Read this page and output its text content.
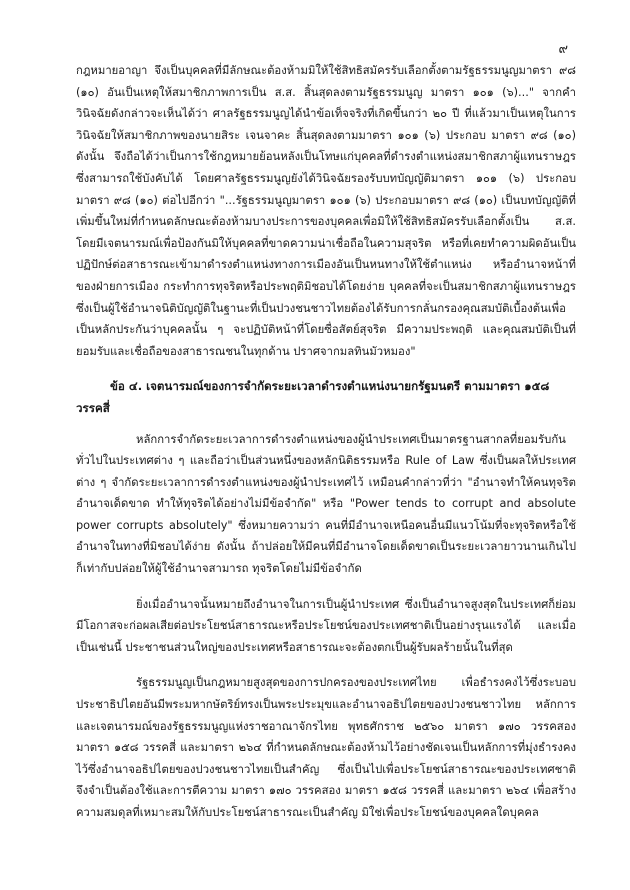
๙

กฎหมายอาญา จึงเป็นบุคคลที่มีลักษณะต้องห้ามมิให้ใช้สิทธิสมัครรับเลือกตั้งตามรัฐธรรมนูญมาตรา ๙๘ (๑๐) อันเป็นเหตุให้สมาชิกภาพการเป็น ส.ส. สิ้นสุดลงตามรัฐธรรมนูญ มาตรา ๑๐๑ (๖)..." จากคำวินิจฉัยดังกล่าวจะเห็นได้ว่า ศาลรัฐธรรมนูญได้นำข้อเท็จจริงที่เกิดขึ้นกว่า ๒๐ ปี ที่แล้วมาเป็นเหตุในการวินิจฉัยให้สมาชิกภาพของนายสิระ เจนจาคะ สิ้นสุดลงตามมาตรา ๑๐๑ (๖) ประกอบ มาตรา ๙๘ (๑๐) ดังนั้น จึงถือได้ว่าเป็นการใช้กฎหมายย้อนหลังเป็นโทษแก่บุคคลที่ดำรงตำแหน่งสมาชิกสภาผู้แทนราษฎรซึ่งสามารถใช้บังคับได้ โดยศาลรัฐธรรมนูญยังได้วินิจฉัยรองรับบทบัญญัติมาตรา ๑๐๑ (๖) ประกอบ มาตรา ๙๘ (๑๐) ต่อไปอีกว่า "...รัฐธรรมนูญมาตรา ๑๐๑ (๖) ประกอบมาตรา ๙๘ (๑๐) เป็นบทบัญญัติที่เพิ่มขึ้นใหม่ที่กำหนดลักษณะต้องห้ามบางประการของบุคคลเพื่อมิให้ใช้สิทธิสมัครรับเลือกตั้งเป็น ส.ส. โดยมีเจตนารมณ์เพื่อป้องกันมิให้บุคคลที่ขาดความน่าเชื่อถือในความสุจริต หรือที่เคยทำความผิดอันเป็นปฏิปักษ์ต่อสาธารณะเข้ามาดำรงตำแหน่งทางการเมืองอันเป็นหนทางให้ใช้ตำแหน่ง หรืออำนาจหน้าที่ของฝ่ายการเมือง กระทำการทุจริตหรือประพฤติมิชอบได้โดยง่าย บุคคลที่จะเป็นสมาชิกสภาผู้แทนราษฎรซึ่งเป็นผู้ใช้อำนาจนิติบัญญัติในฐานะที่เป็นปวงชนชาวไทยต้องได้รับการกลั่นกรองคุณสมบัติเบื้องต้นเพื่อเป็นหลักประกันว่าบุคคลนั้น ๆ จะปฏิบัติหน้าที่โดยซื่อสัตย์สุจริต มีความประพฤติ และคุณสมบัติเป็นที่ยอมรับและเชื่อถือของสาธารณชนในทุกด้าน ปราศจากมลทินมัวหมอง"

ข้อ ๔. เจตนารมณ์ของการจำกัดระยะเวลาดำรงตำแหน่งนายกรัฐมนตรี ตามมาตรา ๑๕๘ วรรคสี่

หลักการจำกัดระยะเวลาการดำรงตำแหน่งของผู้นำประเทศเป็นมาตรฐานสากลที่ยอมรับกันทั่วไปในประเทศต่าง ๆ และถือว่าเป็นส่วนหนึ่งของหลักนิติธรรมหรือ Rule of Law ซึ่งเป็นผลให้ประเทศต่าง ๆ จำกัดระยะเวลาการดำรงตำแหน่งของผู้นำประเทศไว้ เหมือนคำกล่าวที่ว่า "อำนาจทำให้คนทุจริต อำนาจเด็ดขาด ทำให้ทุจริตได้อย่างไม่มีข้อจำกัด" หรือ "Power tends to corrupt and absolute power corrupts absolutely" ซึ่งหมายความว่า คนที่มีอำนาจเหนือคนอื่นมีแนวโน้มที่จะทุจริตหรือใช้อำนาจในทางที่มิชอบได้ง่าย ดังนั้น ถ้าปล่อยให้มีคนที่มีอำนาจโดยเด็ดขาดเป็นระยะเวลายาวนานเกินไป ก็เท่ากับปล่อยให้ผู้ใช้อำนาจสามารถ ทุจริตโดยไม่มีข้อจำกัด

ยิ่งเมื่ออำนาจนั้นหมายถึงอำนาจในการเป็นผู้นำประเทศ ซึ่งเป็นอำนาจสูงสุดในประเทศก็ย่อมมีโอกาสจะก่อผลเสียต่อประโยชน์สาธารณะหรือประโยชน์ของประเทศชาติเป็นอย่างรุนแรงได้ และเมื่อเป็นเช่นนี้ ประชาชนส่วนใหญ่ของประเทศหรือสาธารณะจะต้องตกเป็นผู้รับผลร้ายนั้นในที่สุด

รัฐธรรมนูญเป็นกฎหมายสูงสุดของการปกครองของประเทศไทย เพื่อธำรงคงไว้ซึ่งระบอบประชาธิปไตยอันมีพระมหากษัตริย์ทรงเป็นพระประมุขและอำนาจอธิปไตยของปวงชนชาวไทย หลักการและเจตนารมณ์ของรัฐธรรมนูญแห่งราชอาณาจักรไทย พุทธศักราช ๒๕๖๐ มาตรา ๑๗๐ วรรคสอง มาตรา ๑๕๘ วรรคสี่ และมาตรา ๒๖๔ ที่กำหนดลักษณะต้องห้ามไว้อย่างชัดเจนเป็นหลักการที่มุ่งธำรงคงไว้ซึ่งอำนาจอธิปไตยของปวงชนชาวไทยเป็นสำคัญ ซึ่งเป็นไปเพื่อประโยชน์สาธารณะของประเทศชาติ จึงจำเป็นต้องใช้และการตีความ มาตรา ๑๗๐ วรรคสอง มาตรา ๑๕๘ วรรคสี่ และมาตรา ๒๖๔ เพื่อสร้างความสมดุลที่เหมาะสมให้กับประโยชน์สาธารณะเป็นสำคัญ มิใช่เพื่อประโยชน์ของบุคคลใดบุคคล
